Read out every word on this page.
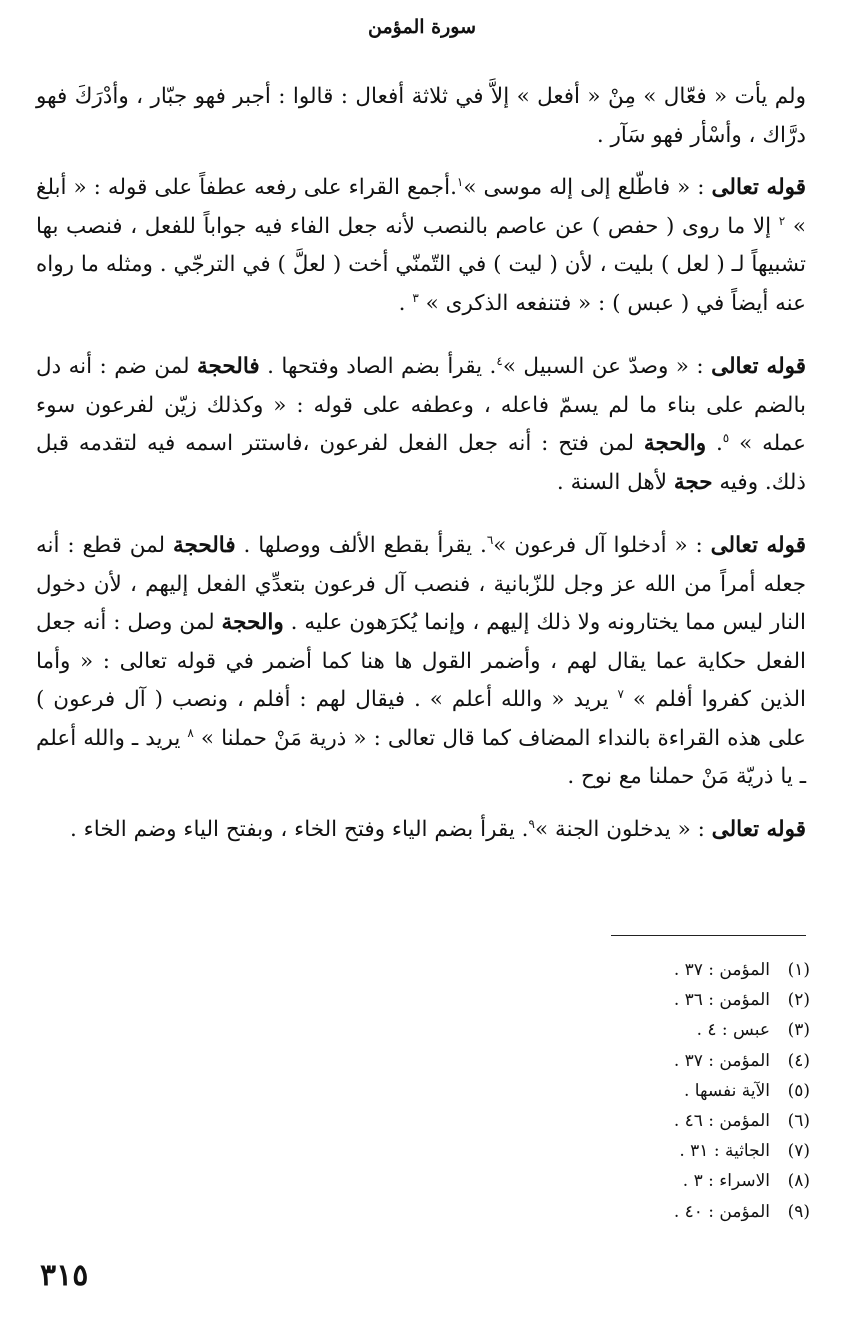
سورة المؤمن

ولم يأت « فعّال » مِنْ « أفعل » إلاَّ في ثلاثة أفعال : قالوا : أجبر فهو جبّار ، وأدْرَكَ فهو درَّاك ، وأسْأر فهو سَآر .

قوله تعالى : « فاطّلع إلى إله موسى »$^١$.أجمع القراء على رفعه عطفاً على قوله : « أبلغ » $^٢$ إلا ما روى ( حفص ) عن عاصم بالنصب لأنه جعل الفاء فيه جواباً للفعل ، فنصب بها تشبيهاً لـ ( لعل ) بليت ، لأن ( ليت ) في التّمنّي أخت ( لعلَّ ) في الترجّي . ومثله ما رواه عنه أيضاً في ( عبس ) : « فتنفعه الذكرى » $^٣$ .

قوله تعالى : « وصدّ عن السبيل »$^٤$. يقرأ بضم الصاد وفتحها . فالحجة لمن ضم : أنه دل بالضم على بناء ما لم يسمّ فاعله ، وعطفه على قوله : « وكذلك زيّن لفرعون سوء عمله » $^٥$. والحجة لمن فتح : أنه جعل الفعل لفرعون ،فاستتر اسمه فيه لتقدمه قبل ذلك. وفيه حجة لأهل السنة .

قوله تعالى : « أدخلوا آل فرعون »$^٦$. يقرأ بقطع الألف ووصلها . فالحجة لمن قطع : أنه جعله أمراً من الله عز وجل للزّبانية ، فنصب آل فرعون بتعدِّي الفعل إليهم ، لأن دخول النار ليس مما يختارونه ولا ذلك إليهم ، وإنما يُكرَهون عليه . والحجة لمن وصل : أنه جعل الفعل حكاية عما يقال لهم ، وأضمر القول ها هنا كما أضمر في قوله تعالى : « وأما الذين كفروا أفلم » $^٧$ يريد « والله أعلم » . فيقال لهم : أفلم ، ونصب ( آل فرعون ) على هذه القراءة بالنداء المضاف كما قال تعالى : « ذرية مَنْ حملنا » $^٨$ يريد ـ والله أعلم ـ يا ذريّة مَنْ حملنا مع نوح .

قوله تعالى : « يدخلون الجنة »$^٩$. يقرأ بضم الياء وفتح الخاء ، وبفتح الياء وضم الخاء .

(١)المؤمن : ٣٧ .
(٢)المؤمن : ٣٦ .
(٣)عبس : ٤ .
(٤)المؤمن : ٣٧ .
(٥)الآية نفسها .
(٦)المؤمن : ٤٦ .
(٧)الجاثية : ٣١ .
(٨)الاسراء : ٣ .
(٩)المؤمن : ٤٠ .
٣١٥
